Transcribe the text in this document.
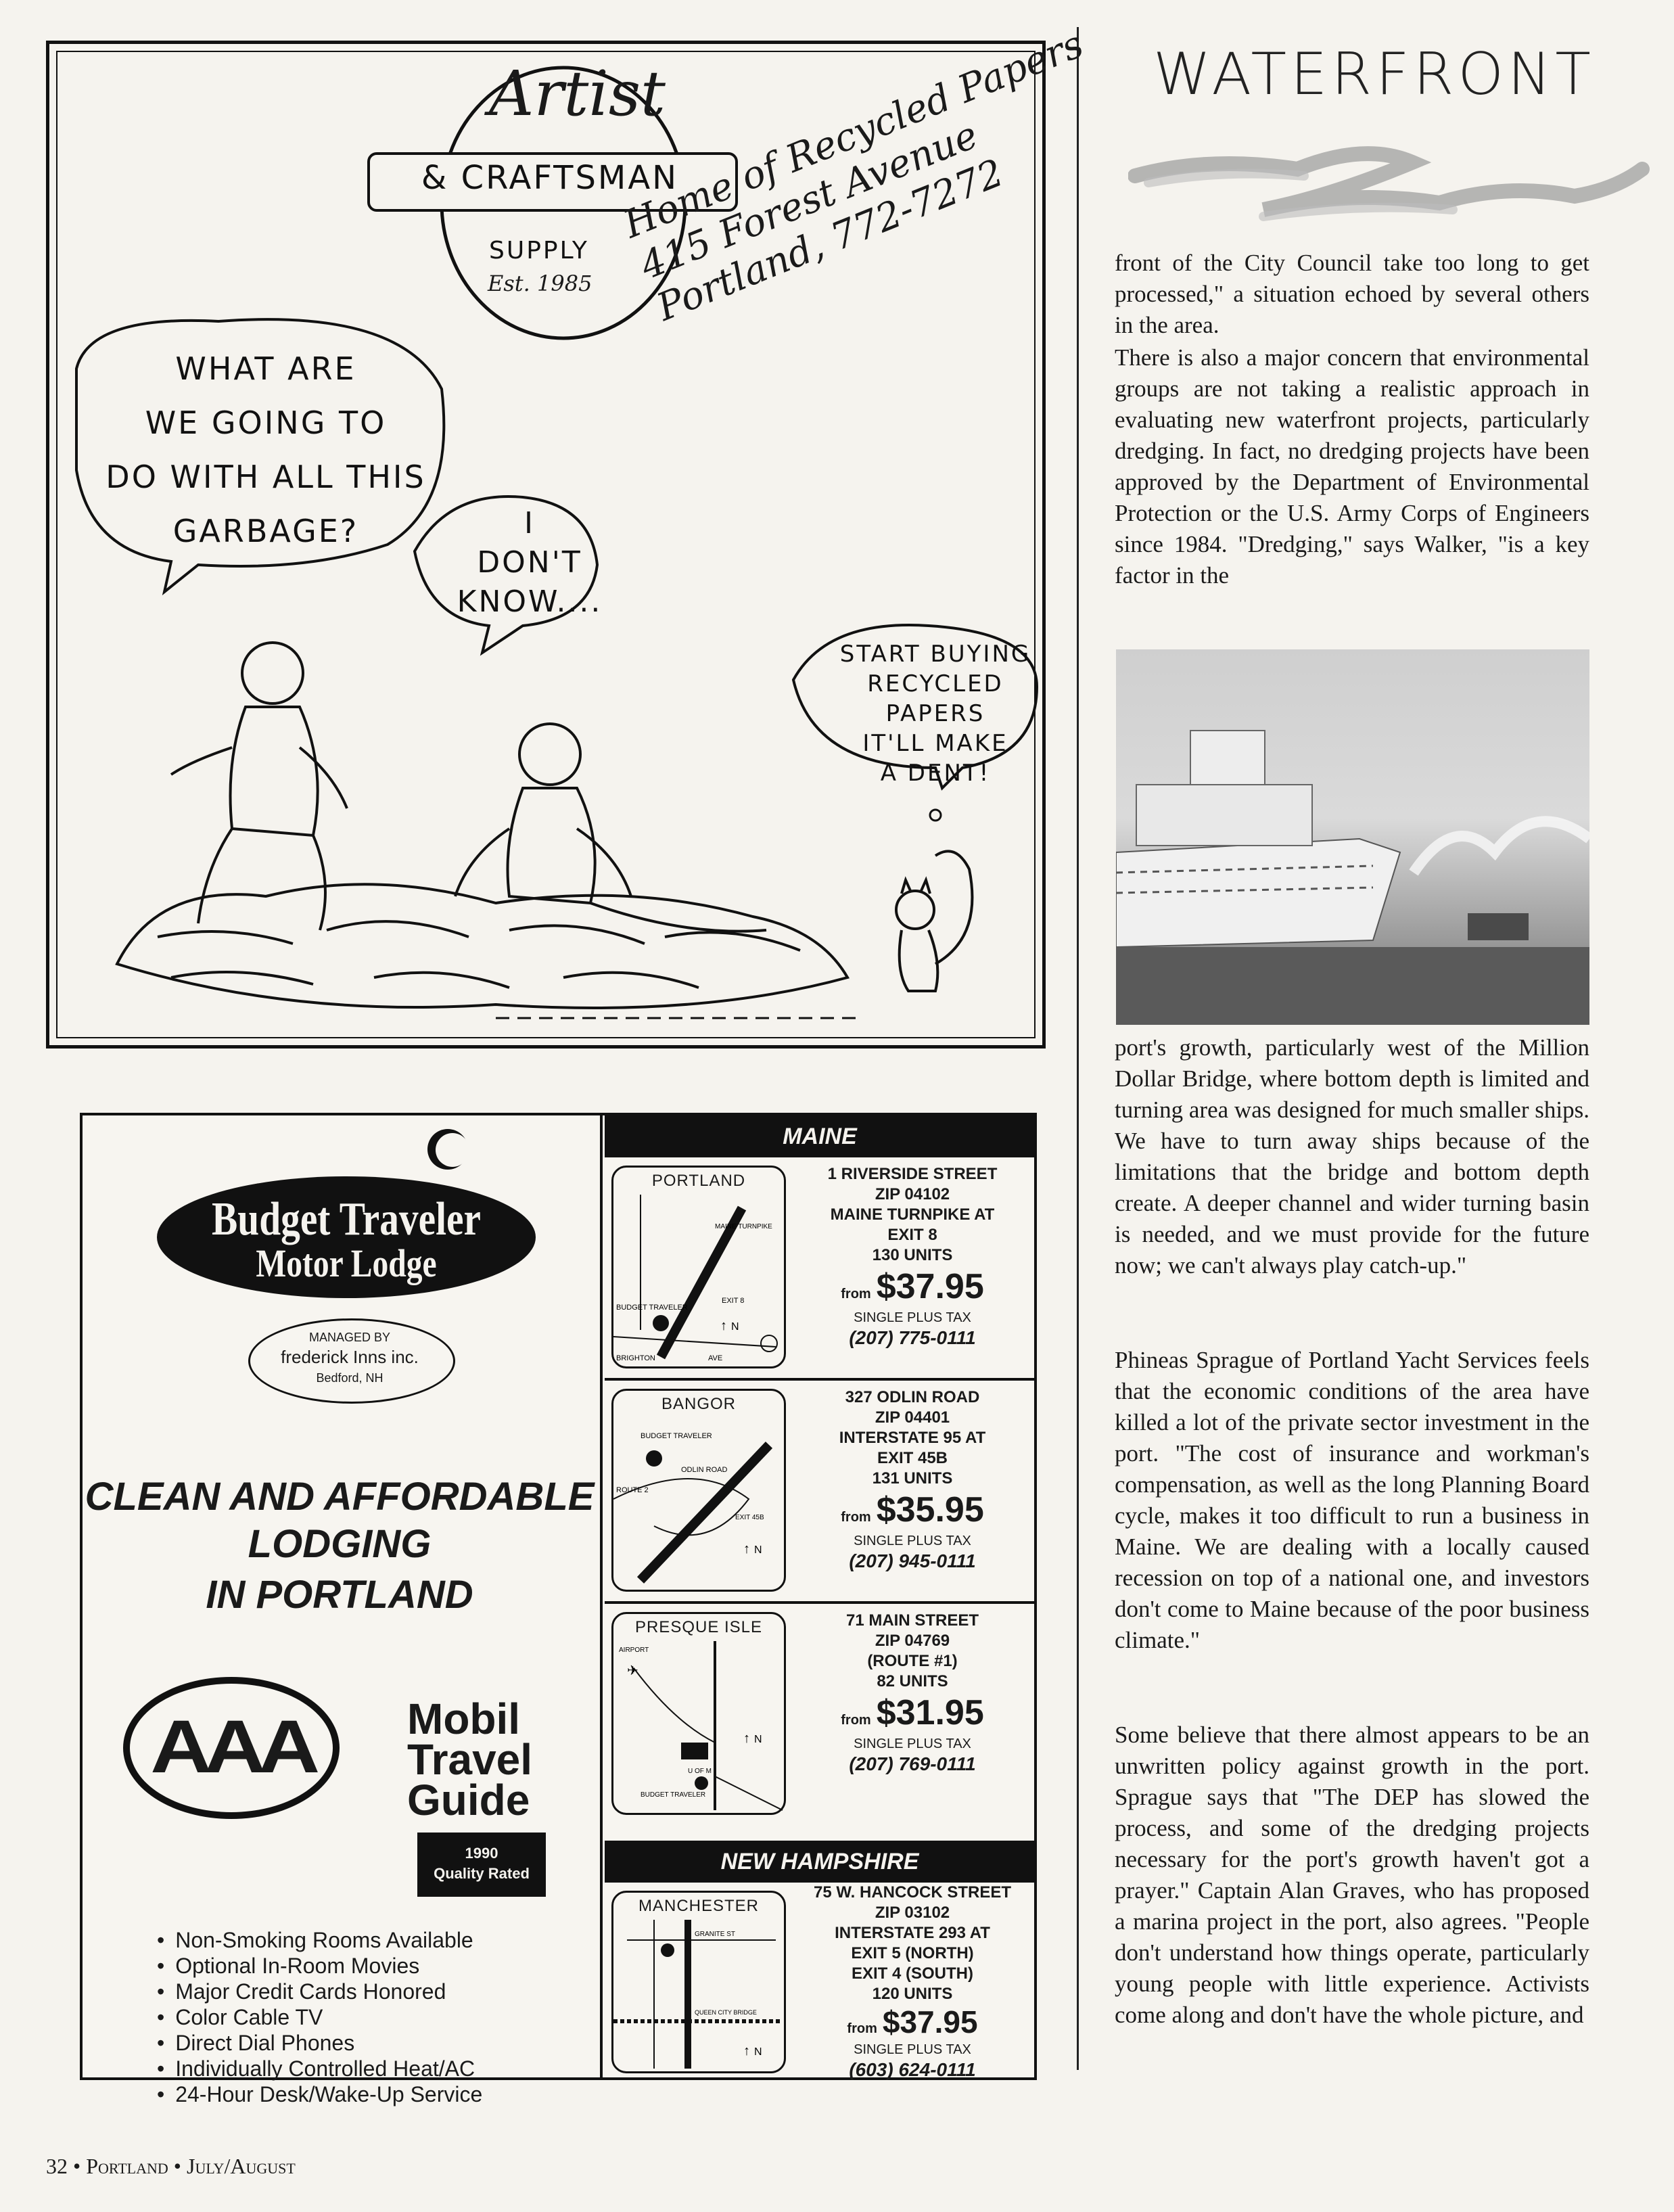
Artist
& CRAFTSMAN
SUPPLY
Est. 1985
Home of Recycled Papers
415 Forest Avenue
Portland, 772-7272
WHAT ARE
WE GOING TO
DO WITH ALL THIS
GARBAGE?	I
DON'T
KNOW....
START BUYING
RECYCLED PAPERS
IT'LL MAKE
A DENT!
Budget Traveler
Motor Lodge
MANAGED BY
frederick Inns inc.
Bedford, NH
CLEAN AND AFFORDABLE
LODGING
IN PORTLAND
AAA	Mobil
Travel
Guide
1990
Quality Rated
• Non-Smoking Rooms Available
• Optional In-Room Movies
• Major Credit Cards Honored
• Color Cable TV
• Direct Dial Phones
• Individually Controlled Heat/AC
• 24-Hour Desk/Wake-Up Service
MAINE
PORTLAND
BUDGET TRAVELER
EXIT 8
BRIGHTON	AVE
MAINE TURNPIKE
↑ N
1 RIVERSIDE STREET
ZIP 04102
MAINE TURNPIKE AT
EXIT 8
130 UNITS
from $37.95
SINGLE PLUS TAX
(207) 775-0111
BANGOR
BUDGET TRAVELER
ODLIN ROAD
ROUTE 2
EXIT 45B
↑ N
327 ODLIN ROAD
ZIP 04401
INTERSTATE 95 AT
EXIT 45B
131 UNITS
from $35.95
SINGLE PLUS TAX
(207) 945-0111
PRESQUE ISLE
AIRPORT
✈
BUDGET TRAVELER
U OF M
↑ N
71 MAIN STREET
ZIP 04769
(ROUTE #1)
82 UNITS
from $31.95
SINGLE PLUS TAX
(207) 769-0111
NEW HAMPSHIRE
MANCHESTER
GRANITE ST
QUEEN CITY BRIDGE
↑ N
75 W. HANCOCK STREET
ZIP 03102
INTERSTATE 293 AT
EXIT 5 (NORTH)
EXIT 4 (SOUTH)
120 UNITS
from $37.95
SINGLE PLUS TAX
(603) 624-0111
WATERFRONT

front of the City Council take too long to get processed," a situation echoed by several others in the area.

There is also a major concern that environmental groups are not taking a realistic approach in evaluating new waterfront projects, particularly dredging. In fact, no dredging projects have been approved by the Department of Environmental Protection or the U.S. Army Corps of Engineers since 1984. "Dredging," says Walker, "is a key factor in the

port's growth, particularly west of the Million Dollar Bridge, where bottom depth is limited and turning area was designed for much smaller ships. We have to turn away ships because of the limitations that the bridge and bottom depth create. A deeper channel and wider turning basin is needed, and we must provide for the future now; we can't always play catch-up."

Phineas Sprague of Portland Yacht Services feels that the economic conditions of the area have killed a lot of the private sector investment in the port. "The cost of insurance and workman's compensation, as well as the long Planning Board cycle, makes it too difficult to run a business in Maine. We are dealing with a locally caused recession on top of a national one, and investors don't come to Maine because of the poor business climate."

Some believe that there almost appears to be an unwritten policy against growth in the port. Sprague says that "The DEP has slowed the process, and some of the dredging projects necessary for the port's growth haven't got a prayer." Captain Alan Graves, who has proposed a marina project in the port, also agrees. "People don't understand how things operate, particularly young people with little experience. Activists come along and don't have the whole picture, and

32 • Portland • July/August
